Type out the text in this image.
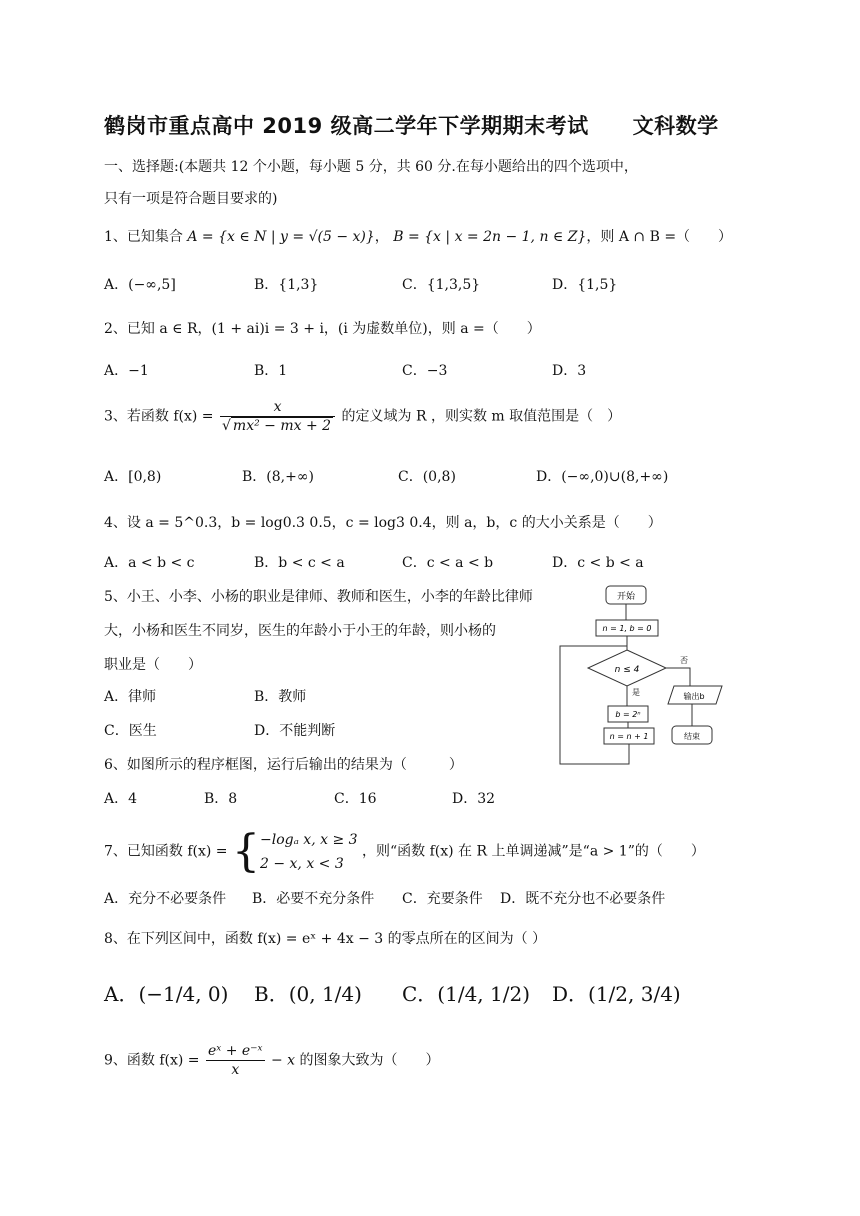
鹤岗市重点高中 2019 级高二学年下学期期末考试 文科数学
一、选择题:(本题共 12 个小题，每小题 5 分，共 60 分.在每小题给出的四个选项中，
只有一项是符合题目要求的)
1、已知集合 A = {x ∈ N | y = √(5 − x)}， B = {x | x = 2n − 1, n ∈ Z}，则 A ∩ B =（　　）
A．(−∞,5]	B．{1,3}	C．{1,3,5}	D．{1,5}
2、已知 a ∈ R，(1 + ai)i = 3 + i，(i 为虚数单位)，则 a =（　　）
A．−1	B．1	C．−3	D．3
3、若函数 $f(x) = \frac{x}{\text{√ mx² − mx + 2}}$ 的定义域为 R ，则实数 m 取值范围是（　）
A．[0,8)	B．(8,+∞)	C．(0,8)	D．(−∞,0)∪(8,+∞)
4、设 a = 5^0.3，b = log0.3 0.5，c = log3 0.4，则 a，b，c 的大小关系是（　　）
A．a < b < c	B．b < c < a	C．c < a < b	D．c < b < a
5、小王、小李、小杨的职业是律师、教师和医生，小李的年龄比律师
大，小杨和医生不同岁，医生的年龄小于小王的年龄，则小杨的
职业是（　　）
A．律师	B．教师
C．医生	D．不能判断
6、如图所示的程序框图，运行后输出的结果为（　　　）
A．4	B．8	C．16	D．32
开始
n = 1, b = 0
n ≤ 4
否
输出b
结束
是
b = 2ⁿ
n = n + 1
7、已知函数 f(x) = { −logₐ x, x ≥ 3
2 − x, x < 3
，则“函数 f(x) 在 R 上单调递减”是“a > 1”的（　　）
A．充分不必要条件 B．必要不充分条件 C．充要条件 D．既不充分也不必要条件
8、在下列区间中，函数 f(x) = eˣ + 4x − 3 的零点所在的区间为（ ）
A．(−1/4, 0) B．(0, 1/4) C．(1/4, 1/2) D．(1/2, 3/4)
9、函数 $f(x) = \frac{\text{eˣ + e⁻ˣ}}{x} - x$ 的图象大致为（　　）
